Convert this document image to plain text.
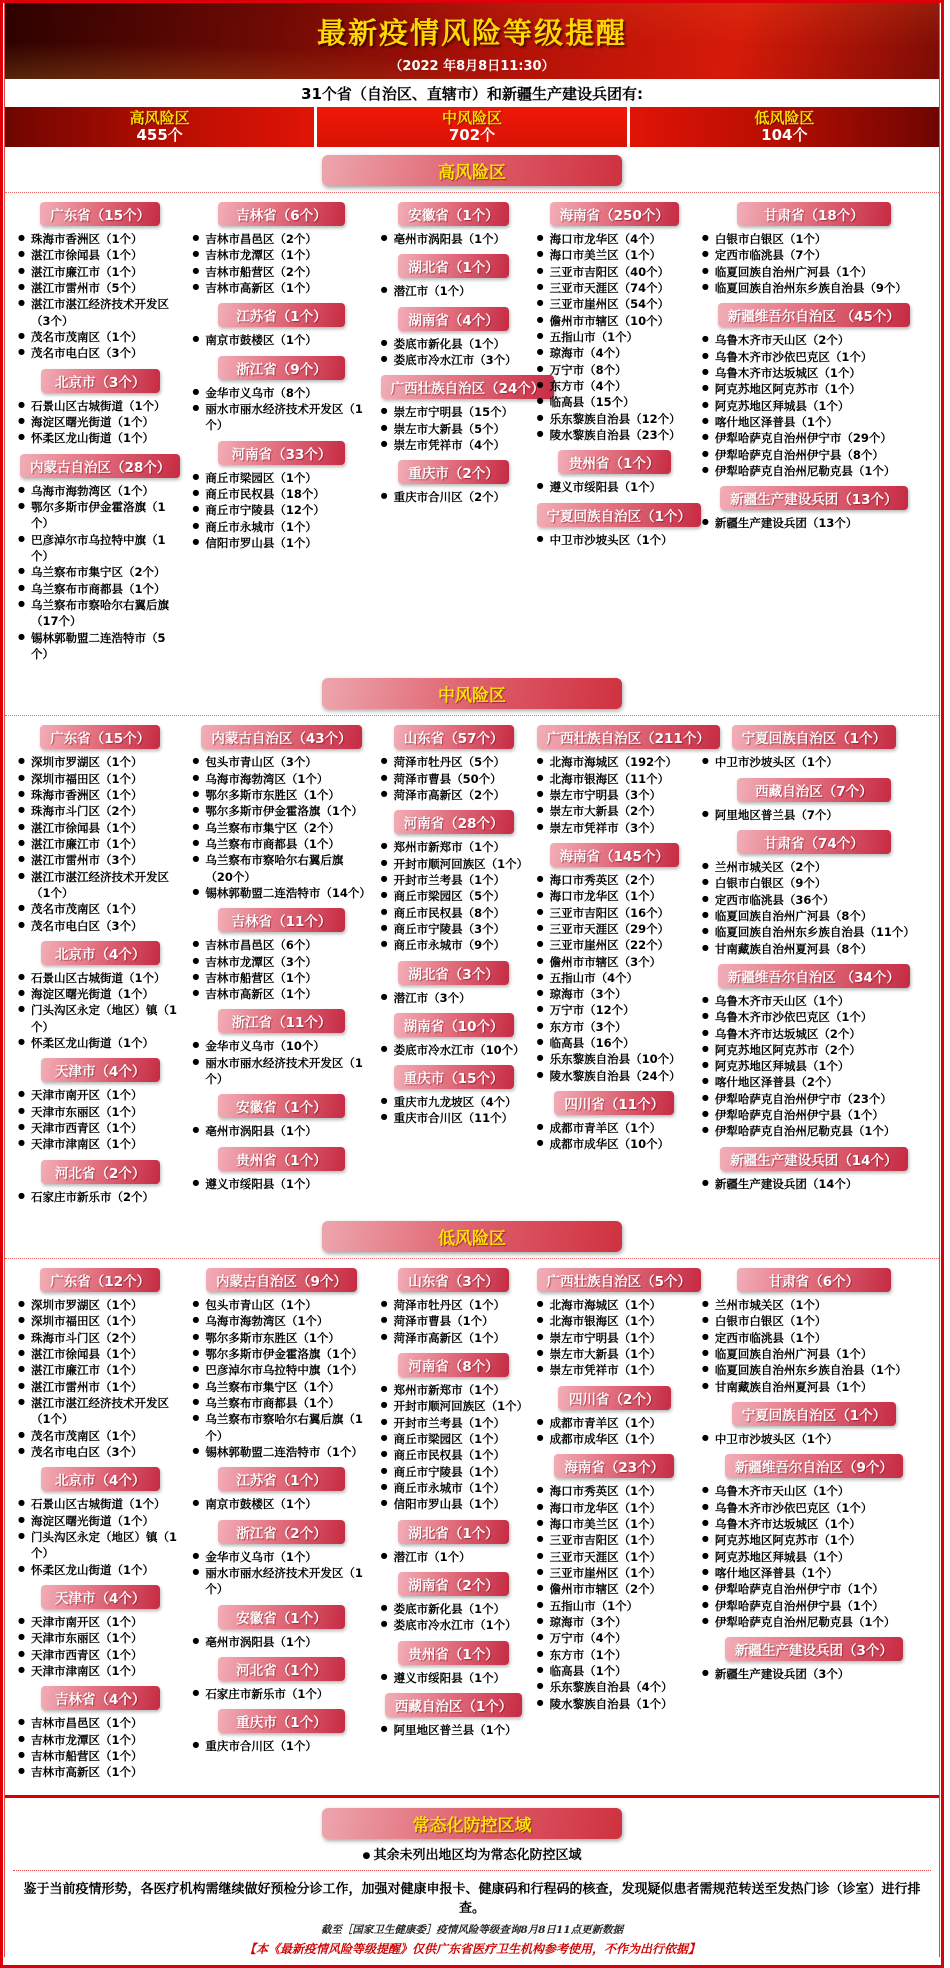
最新疫情风险等级提醒
（2022 年8月8日11:30）
31个省（自治区、直辖市）和新疆生产建设兵团有:
高风险区
455个
中风险区
702个
低风险区
104个
高风险区
广东省（15个）
● 珠海市香洲区（1个）
● 湛江市徐闻县（1个）
● 湛江市廉江市（1个）
● 湛江市雷州市（5个）
● 湛江市湛江经济技术开发区（3个）
● 茂名市茂南区（1个）
● 茂名市电白区（3个）
北京市（3个）
● 石景山区古城街道（1个）
● 海淀区曙光街道（1个）
● 怀柔区龙山街道（1个）
内蒙古自治区（28个）
● 乌海市海勃湾区（1个）
● 鄂尔多斯市伊金霍洛旗（1个）
● 巴彦淖尔市乌拉特中旗（1个）
● 乌兰察布市集宁区（2个）
● 乌兰察布市商都县（1个）
● 乌兰察布市察哈尔右翼后旗（17个）
● 锡林郭勒盟二连浩特市（5个）
吉林省（6个）
● 吉林市昌邑区（2个）
● 吉林市龙潭区（1个）
● 吉林市船营区（2个）
● 吉林市高新区（1个）
江苏省（1个）
● 南京市鼓楼区（1个）
浙江省（9个）
● 金华市义乌市（8个）
● 丽水市丽水经济技术开发区（1个）
河南省（33个）
● 商丘市梁园区（1个）
● 商丘市民权县（18个）
● 商丘市宁陵县（12个）
● 商丘市永城市（1个）
● 信阳市罗山县（1个）
安徽省（1个）
● 亳州市涡阳县（1个）
湖北省（1个）
● 潜江市（1个）
湖南省（4个）
● 娄底市新化县（1个）
● 娄底市冷水江市（3个）
广西壮族自治区（24个）
● 崇左市宁明县（15个）
● 崇左市大新县（5个）
● 崇左市凭祥市（4个）
重庆市（2个）
● 重庆市合川区（2个）
海南省（250个）
● 海口市龙华区（4个）
● 海口市美兰区（1个）
● 三亚市吉阳区（40个）
● 三亚市天涯区（74个）
● 三亚市崖州区（54个）
● 儋州市市辖区（10个）
● 五指山市（1个）
● 琼海市（4个）
● 万宁市（8个）
● 东方市（4个）
● 临高县（15个）
● 乐东黎族自治县（12个）
● 陵水黎族自治县（23个）
贵州省（1个）
● 遵义市绥阳县（1个）
宁夏回族自治区（1个）
● 中卫市沙坡头区（1个）
甘肃省（18个）
● 白银市白银区（1个）
● 定西市临洮县（7个）
● 临夏回族自治州广河县（1个）
● 临夏回族自治州东乡族自治县（9个）
新疆维吾尔自治区 （45个）
● 乌鲁木齐市天山区（2个）
● 乌鲁木齐市沙依巴克区（1个）
● 乌鲁木齐市达坂城区（1个）
● 阿克苏地区阿克苏市（1个）
● 阿克苏地区拜城县（1个）
● 喀什地区泽普县（1个）
● 伊犁哈萨克自治州伊宁市（29个）
● 伊犁哈萨克自治州伊宁县（8个）
● 伊犁哈萨克自治州尼勒克县（1个）
新疆生产建设兵团（13个）
● 新疆生产建设兵团（13个）
中风险区
广东省（15个）
● 深圳市罗湖区（1个）
● 深圳市福田区（1个）
● 珠海市香洲区（1个）
● 珠海市斗门区（2个）
● 湛江市徐闻县（1个）
● 湛江市廉江市（1个）
● 湛江市雷州市（3个）
● 湛江市湛江经济技术开发区（1个）
● 茂名市茂南区（1个）
● 茂名市电白区（3个）
北京市（4个）
● 石景山区古城街道（1个）
● 海淀区曙光街道（1个）
● 门头沟区永定（地区）镇（1个）
● 怀柔区龙山街道（1个）
天津市（4个）
● 天津市南开区（1个）
● 天津市东丽区（1个）
● 天津市西青区（1个）
● 天津市津南区（1个）
河北省（2个）
● 石家庄市新乐市（2个）
内蒙古自治区（43个）
● 包头市青山区（3个）
● 乌海市海勃湾区（1个）
● 鄂尔多斯市东胜区（1个）
● 鄂尔多斯市伊金霍洛旗（1个）
● 乌兰察布市集宁区（2个）
● 乌兰察布市商都县（1个）
● 乌兰察布市察哈尔右翼后旗（20个）
● 锡林郭勒盟二连浩特市（14个）
吉林省（11个）
● 吉林市昌邑区（6个）
● 吉林市龙潭区（3个）
● 吉林市船营区（1个）
● 吉林市高新区（1个）
浙江省（11个）
● 金华市义乌市（10个）
● 丽水市丽水经济技术开发区（1个）
安徽省（1个）
● 亳州市涡阳县（1个）
贵州省（1个）
● 遵义市绥阳县（1个）
山东省（57个）
● 菏泽市牡丹区（5个）
● 菏泽市曹县（50个）
● 菏泽市高新区（2个）
河南省（28个）
● 郑州市新郑市（1个）
● 开封市顺河回族区（1个）
● 开封市兰考县（1个）
● 商丘市梁园区（5个）
● 商丘市民权县（8个）
● 商丘市宁陵县（3个）
● 商丘市永城市（9个）
湖北省（3个）
● 潜江市（3个）
湖南省（10个）
● 娄底市冷水江市（10个）
重庆市（15个）
● 重庆市九龙坡区（4个）
● 重庆市合川区（11个）
广西壮族自治区（211个）
● 北海市海城区（192个）
● 北海市银海区（11个）
● 崇左市宁明县（3个）
● 崇左市大新县（2个）
● 崇左市凭祥市（3个）
海南省（145个）
● 海口市秀英区（2个）
● 海口市龙华区（1个）
● 三亚市吉阳区（16个）
● 三亚市天涯区（29个）
● 三亚市崖州区（22个）
● 儋州市市辖区（3个）
● 五指山市（4个）
● 琼海市（3个）
● 万宁市（12个）
● 东方市（3个）
● 临高县（16个）
● 乐东黎族自治县（10个）
● 陵水黎族自治县（24个）
四川省（11个）
● 成都市青羊区（1个）
● 成都市成华区（10个）
宁夏回族自治区（1个）
● 中卫市沙坡头区（1个）
西藏自治区（7个）
● 阿里地区普兰县（7个）
甘肃省（74个）
● 兰州市城关区（2个）
● 白银市白银区（9个）
● 定西市临洮县（36个）
● 临夏回族自治州广河县（8个）
● 临夏回族自治州东乡族自治县（11个）
● 甘南藏族自治州夏河县（8个）
新疆维吾尔自治区 （34个）
● 乌鲁木齐市天山区（1个）
● 乌鲁木齐市沙依巴克区（1个）
● 乌鲁木齐市达坂城区（2个）
● 阿克苏地区阿克苏市（2个）
● 阿克苏地区拜城县（1个）
● 喀什地区泽普县（2个）
● 伊犁哈萨克自治州伊宁市（23个）
● 伊犁哈萨克自治州伊宁县（1个）
● 伊犁哈萨克自治州尼勒克县（1个）
新疆生产建设兵团（14个）
● 新疆生产建设兵团（14个）
低风险区
广东省（12个）
● 深圳市罗湖区（1个）
● 深圳市福田区（1个）
● 珠海市斗门区（2个）
● 湛江市徐闻县（1个）
● 湛江市廉江市（1个）
● 湛江市雷州市（1个）
● 湛江市湛江经济技术开发区（1个）
● 茂名市茂南区（1个）
● 茂名市电白区（3个）
北京市（4个）
● 石景山区古城街道（1个）
● 海淀区曙光街道（1个）
● 门头沟区永定（地区）镇（1个）
● 怀柔区龙山街道（1个）
天津市（4个）
● 天津市南开区（1个）
● 天津市东丽区（1个）
● 天津市西青区（1个）
● 天津市津南区（1个）
吉林省（4个）
● 吉林市昌邑区（1个）
● 吉林市龙潭区（1个）
● 吉林市船营区（1个）
● 吉林市高新区（1个）
内蒙古自治区（9个）
● 包头市青山区（1个）
● 乌海市海勃湾区（1个）
● 鄂尔多斯市东胜区（1个）
● 鄂尔多斯市伊金霍洛旗（1个）
● 巴彦淖尔市乌拉特中旗（1个）
● 乌兰察布市集宁区（1个）
● 乌兰察布市商都县（1个）
● 乌兰察布市察哈尔右翼后旗（1个）
● 锡林郭勒盟二连浩特市（1个）
江苏省（1个）
● 南京市鼓楼区（1个）
浙江省（2个）
● 金华市义乌市（1个）
● 丽水市丽水经济技术开发区（1个）
安徽省（1个）
● 亳州市涡阳县（1个）
河北省（1个）
● 石家庄市新乐市（1个）
重庆市（1个）
● 重庆市合川区（1个）
山东省（3个）
● 菏泽市牡丹区（1个）
● 菏泽市曹县（1个）
● 菏泽市高新区（1个）
河南省（8个）
● 郑州市新郑市（1个）
● 开封市顺河回族区（1个）
● 开封市兰考县（1个）
● 商丘市梁园区（1个）
● 商丘市民权县（1个）
● 商丘市宁陵县（1个）
● 商丘市永城市（1个）
● 信阳市罗山县（1个）
湖北省（1个）
● 潜江市（1个）
湖南省（2个）
● 娄底市新化县（1个）
● 娄底市冷水江市（1个）
贵州省（1个）
● 遵义市绥阳县（1个）
西藏自治区（1个）
● 阿里地区普兰县（1个）
广西壮族自治区（5个）
● 北海市海城区（1个）
● 北海市银海区（1个）
● 崇左市宁明县（1个）
● 崇左市大新县（1个）
● 崇左市凭祥市（1个）
四川省（2个）
● 成都市青羊区（1个）
● 成都市成华区（1个）
海南省（23个）
● 海口市秀英区（1个）
● 海口市龙华区（1个）
● 海口市美兰区（1个）
● 三亚市吉阳区（1个）
● 三亚市天涯区（1个）
● 三亚市崖州区（1个）
● 儋州市市辖区（2个）
● 五指山市（1个）
● 琼海市（3个）
● 万宁市（4个）
● 东方市（1个）
● 临高县（1个）
● 乐东黎族自治县（4个）
● 陵水黎族自治县（1个）
甘肃省（6个）
● 兰州市城关区（1个）
● 白银市白银区（1个）
● 定西市临洮县（1个）
● 临夏回族自治州广河县（1个）
● 临夏回族自治州东乡族自治县（1个）
● 甘南藏族自治州夏河县（1个）
宁夏回族自治区（1个）
● 中卫市沙坡头区（1个）
新疆维吾尔自治区（9个）
● 乌鲁木齐市天山区（1个）
● 乌鲁木齐市沙依巴克区（1个）
● 乌鲁木齐市达坂城区（1个）
● 阿克苏地区阿克苏市（1个）
● 阿克苏地区拜城县（1个）
● 喀什地区泽普县（1个）
● 伊犁哈萨克自治州伊宁市（1个）
● 伊犁哈萨克自治州伊宁县（1个）
● 伊犁哈萨克自治州尼勒克县（1个）
新疆生产建设兵团（3个）
● 新疆生产建设兵团（3个）
常态化防控区域
● 其余未列出地区均为常态化防控区域
鉴于当前疫情形势，各医疗机构需继续做好预检分诊工作，加强对健康申报卡、健康码和行程码的核查，发现疑似患者需规范转送至发热门诊（诊室）进行排查。
截至［国家卫生健康委］疫情风险等级查询8月8日11点更新数据
【本《最新疫情风险等级提醒》仅供广东省医疗卫生机构参考使用，不作为出行依据】
